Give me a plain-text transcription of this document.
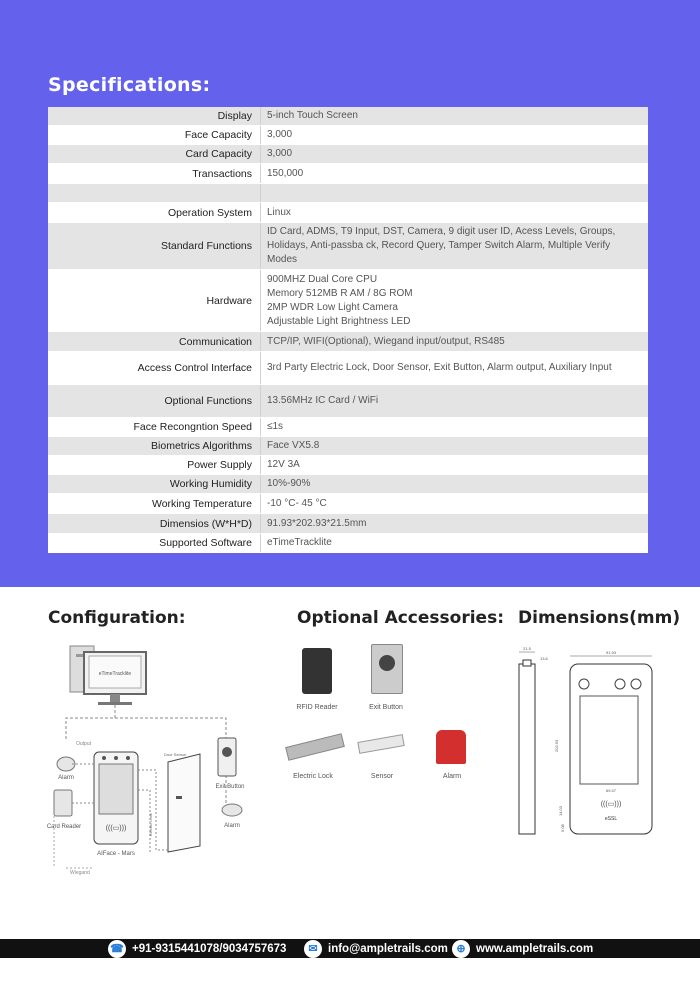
Specifications:
Display	5-inch Touch Screen
Face Capacity	3,000
Card Capacity	3,000
Transactions	150,000

Operation System	Linux
Standard Functions	ID Card, ADMS, T9 Input, DST, Camera, 9 digit user ID, Acess Levels, Groups, Holidays, Anti-passba ck, Record Query, Tamper Switch Alarm, Multiple Verify Modes
Hardware	900MHZ Dual Core CPU
Memory 512MB R AM / 8G ROM
2MP WDR Low Light Camera
Adjustable Light Brightness LED
Communication	TCP/IP, WIFI(Optional), Wiegand input/output, RS485
Access Control Interface	3rd Party Electric Lock, Door Sensor, Exit Button, Alarm output, Auxiliary Input
Optional Functions	13.56MHz IC Card / WiFi
Face Recongntion Speed	≤1s
Biometrics Algorithms	Face VX5.8
Power Supply	12V 3A
Working Humidity	10%-90%
Working Temperature	-10 °C- 45 °C
Dimensios (W*H*D)	91.93*202.93*21.5mm
Supported Software	eTimeTracklite
Configuration:
eTimeTracklite
(((▭)))
Output
Alarm
Card Reader
AIFace - Mars
Door Sensor
Electric Lock
Exit Button
Alarm
Wiegand
Optional Accessories:
RFID Reader	Exit Button
Electric Lock	Sensor	Alarm
Dimensions(mm)
21.5
13.6
(((▭)))
eSSL
91.93
202.93
69.47
14.03
5.08
☎ +91-9315441078/9034757673	✉ info@ampletrails.com ⊕ www.ampletrails.com
